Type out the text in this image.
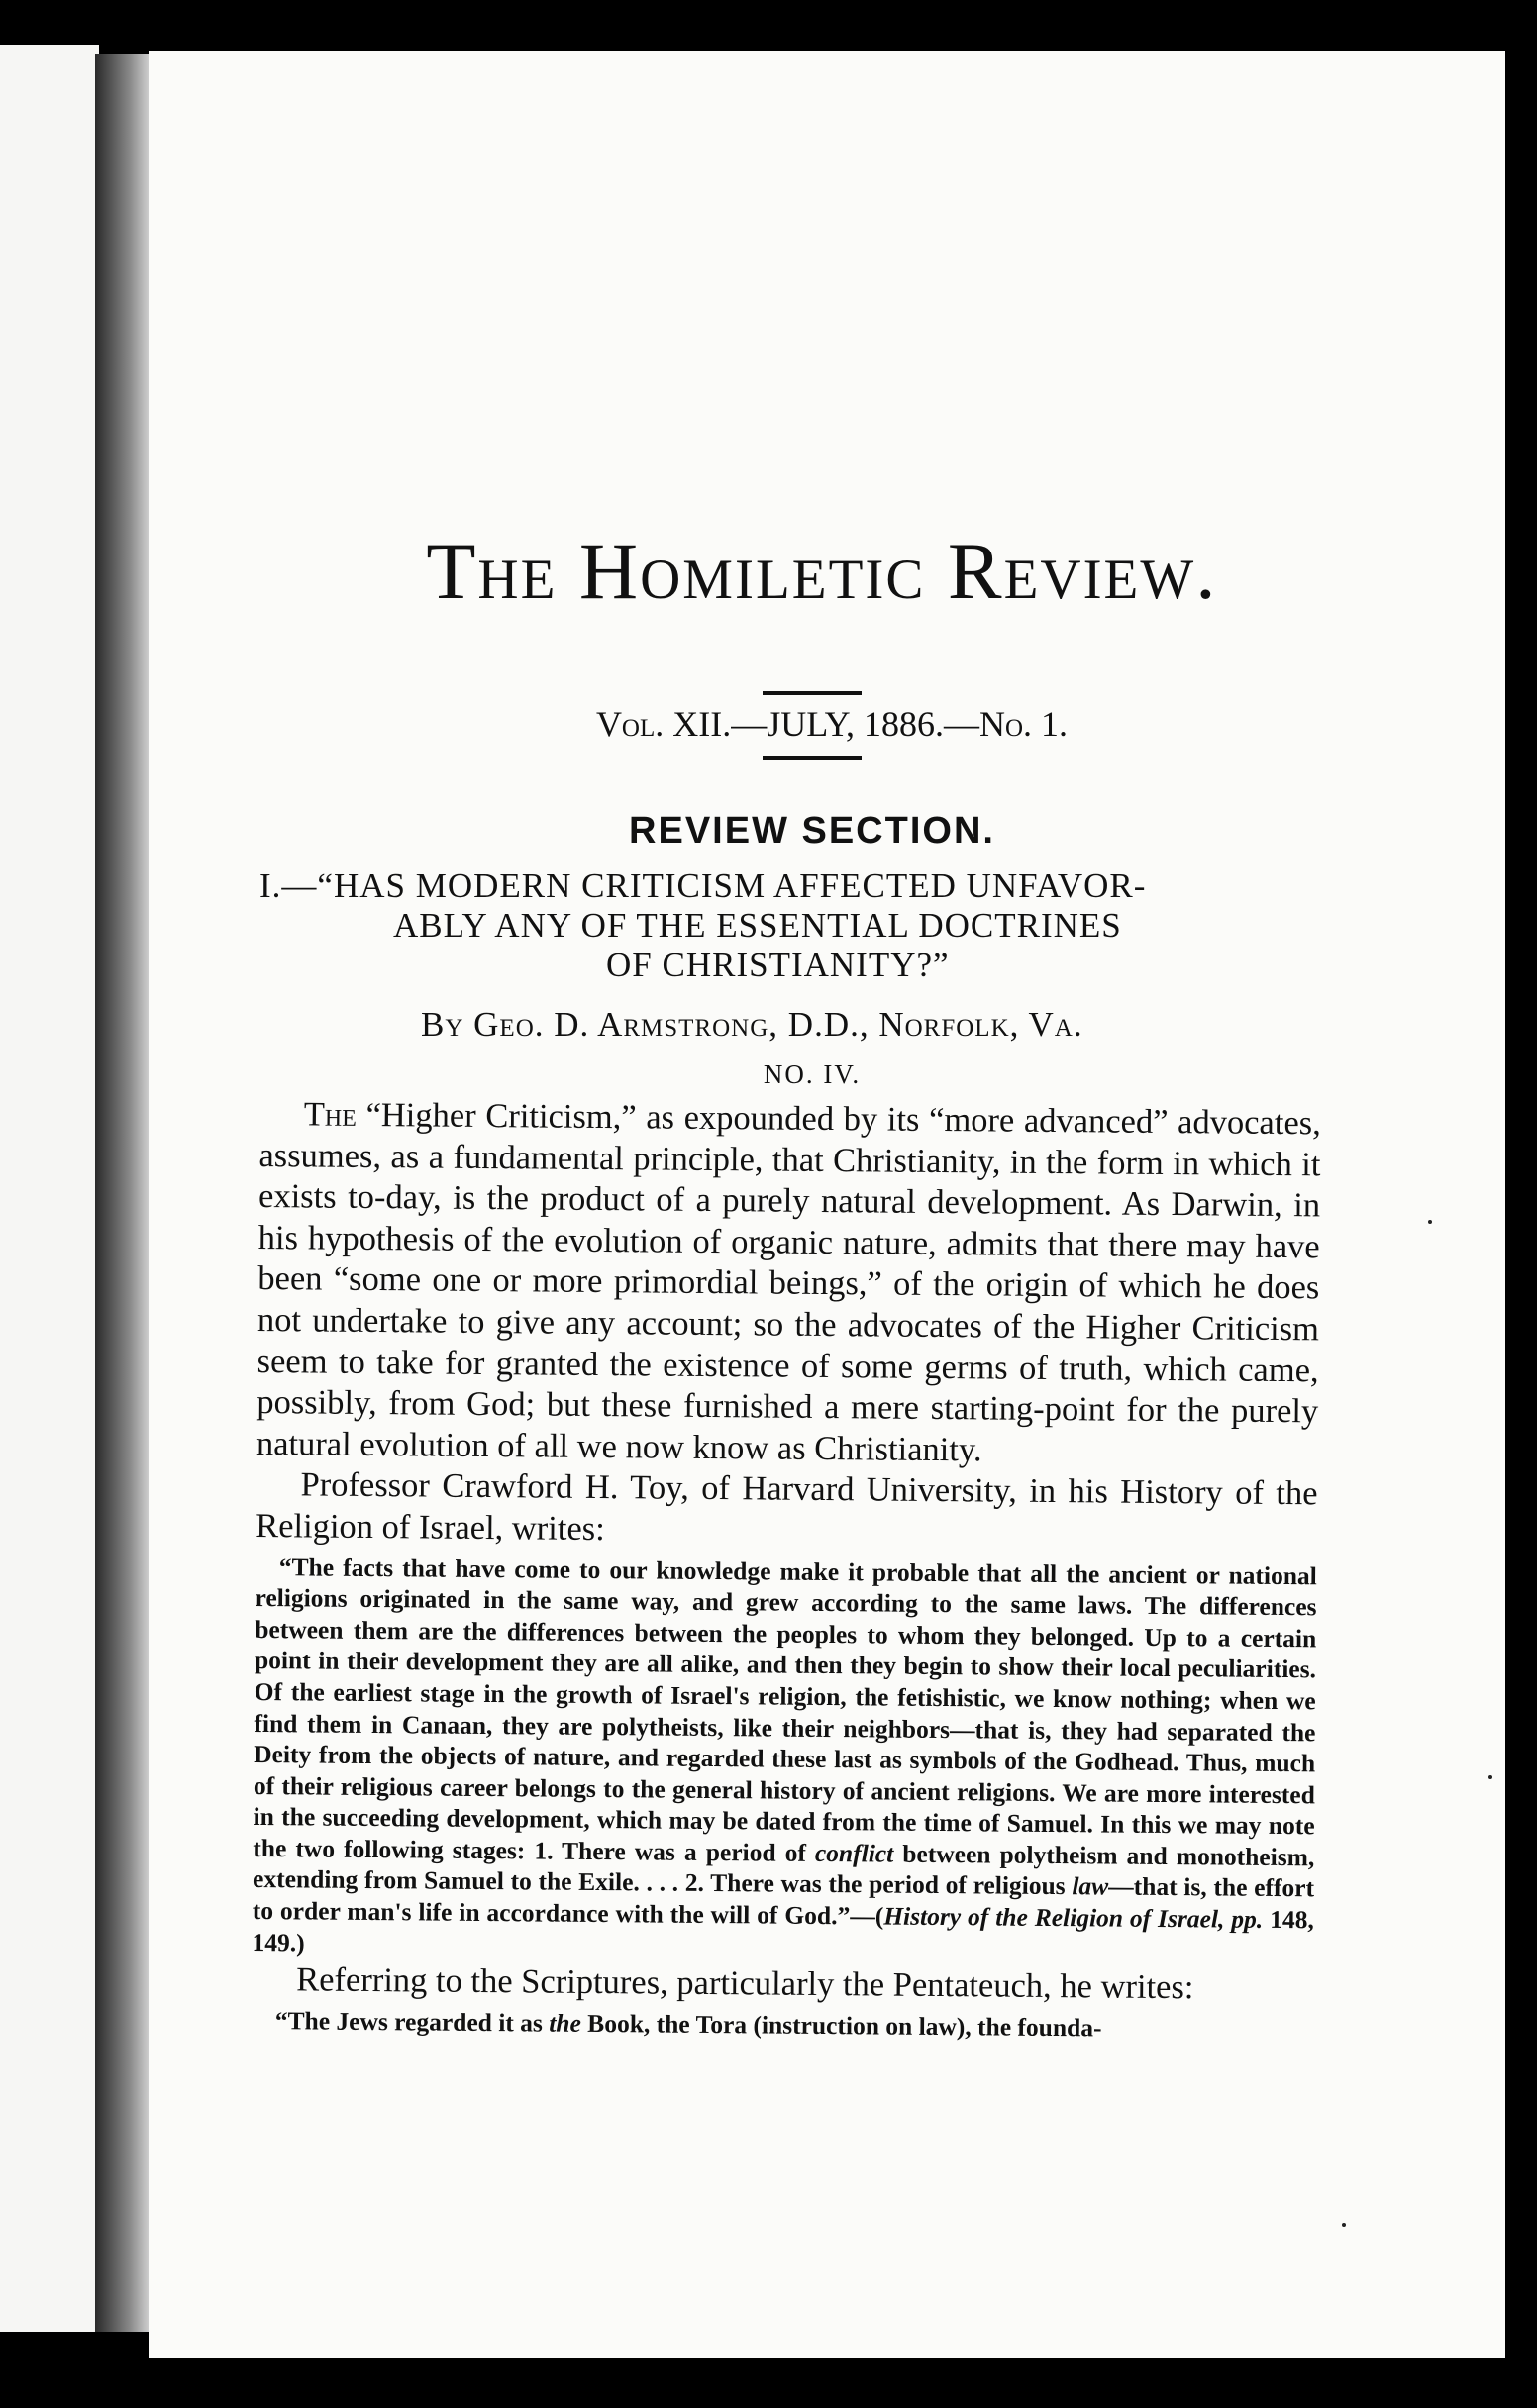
The Homiletic Review.
Vol. XII.—JULY, 1886.—No. 1.
REVIEW SECTION.
I.—“HAS MODERN CRITICISM AFFECTED UNFAVOR-
ABLY ANY OF THE ESSENTIAL DOCTRINES
OF CHRISTIANITY?”
By Geo. D. Armstrong, D.D., Norfolk, Va.
NO. IV.

The “Higher Criticism,” as expounded by its “more advanced” advocates, assumes, as a fundamental principle, that Christianity, in the form in which it exists to-day, is the product of a purely natural development. As Darwin, in his hypothesis of the evolution of organic nature, admits that there may have been “some one or more primordial beings,” of the origin of which he does not undertake to give any account; so the advocates of the Higher Criticism seem to take for granted the existence of some germs of truth, which came, possibly, from God; but these furnished a mere starting-point for the purely natural evolution of all we now know as Christianity.

Professor Crawford H. Toy, of Harvard University, in his History of the Religion of Israel, writes:

“The facts that have come to our knowledge make it probable that all the ancient or national religions originated in the same way, and grew according to the same laws. The differences between them are the differences between the peoples to whom they belonged. Up to a certain point in their development they are all alike, and then they begin to show their local peculiarities. Of the earliest stage in the growth of Israel's religion, the fetishistic, we know nothing; when we find them in Canaan, they are polytheists, like their neighbors—that is, they had separated the Deity from the objects of nature, and regarded these last as symbols of the Godhead. Thus, much of their religious career belongs to the general history of ancient religions. We are more interested in the succeeding development, which may be dated from the time of Samuel. In this we may note the two following stages: 1. There was a period of conflict between polytheism and monotheism, extending from Samuel to the Exile. . . . 2. There was the period of religious law—that is, the effort to order man's life in accordance with the will of God.”—(History of the Religion of Israel, pp. 148, 149.)

Referring to the Scriptures, particularly the Pentateuch, he writes:

“The Jews regarded it as the Book, the Tora (instruction on law), the founda-
